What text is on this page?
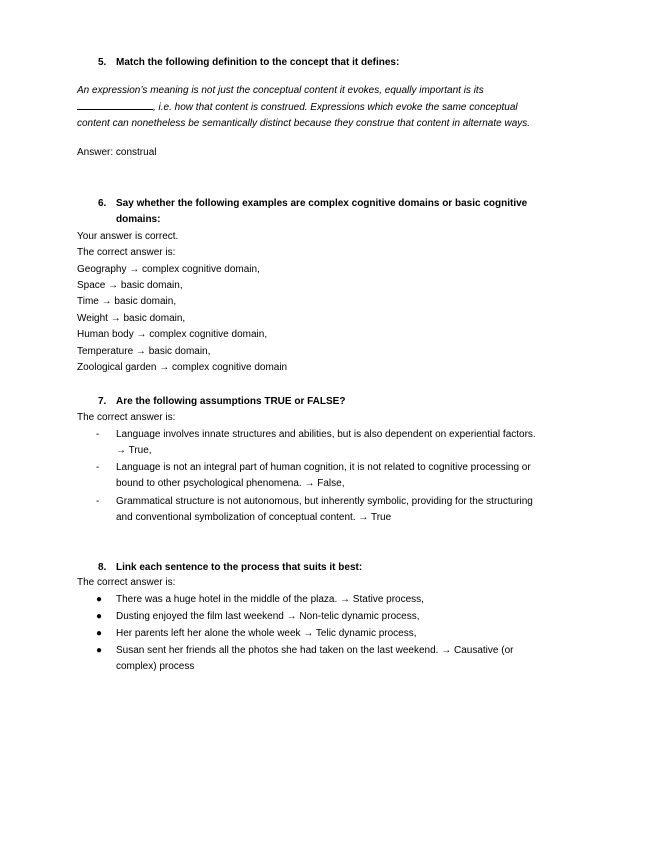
5. Match the following definition to the concept that it defines:
An expression’s meaning is not just the conceptual content it evokes, equally important is its
, i.e. how that content is construed. Expressions which evoke the same conceptual
content can nonetheless be semantically distinct because they construe that content in alternate ways.
Answer: construal
6. Say whether the following examples are complex cognitive domains or basic cognitive
domains:
Your answer is correct.
The correct answer is:
Geography → complex cognitive domain,
Space → basic domain,
Time → basic domain,
Weight → basic domain,
Human body → complex cognitive domain,
Temperature → basic domain,
Zoological garden → complex cognitive domain
7. Are the following assumptions TRUE or FALSE?
The correct answer is:
-	Language involves innate structures and abilities, but is also dependent on experiential factors.
→ True,
-	Language is not an integral part of human cognition, it is not related to cognitive processing or
bound to other psychological phenomena. → False,
-	Grammatical structure is not autonomous, but inherently symbolic, providing for the structuring
and conventional symbolization of conceptual content. → True
8. Link each sentence to the process that suits it best:
The correct answer is:
●	There was a huge hotel in the middle of the plaza. → Stative process,
●	Dusting enjoyed the film last weekend → Non-telic dynamic process,
●	Her parents left her alone the whole week → Telic dynamic process,
●	Susan sent her friends all the photos she had taken on the last weekend. → Causative (or
complex) process
